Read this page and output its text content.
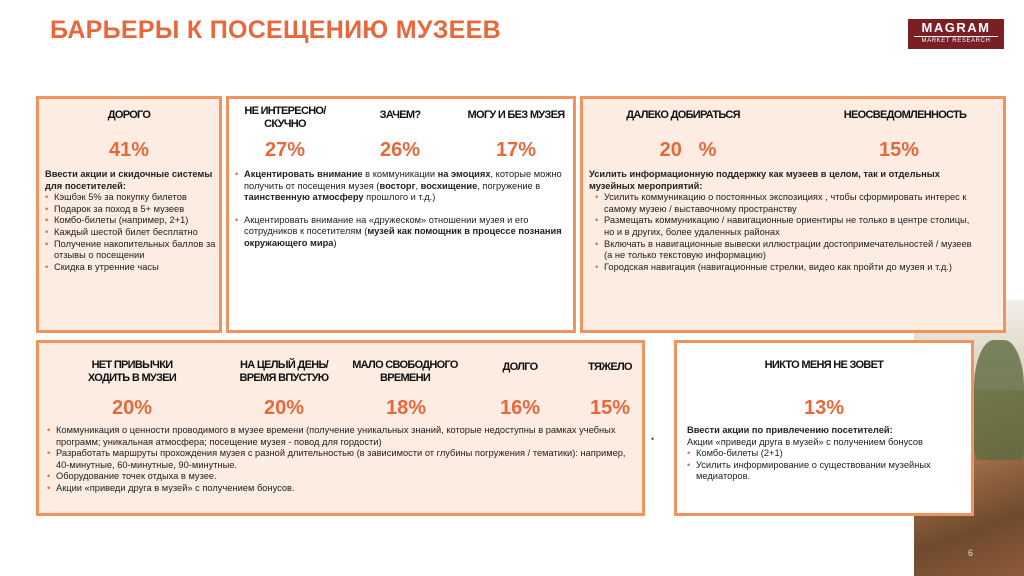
БАРЬЕРЫ К ПОСЕЩЕНИЮ МУЗЕЕВ	MAGRAM
MARKET RESEARCH
ДОРОГО
41%
Ввести акции и скидочные системы для посетителей:
• Кэшбэк 5% за покупку билетов
• Подарок за поход в 5+ музеев
• Комбо-билеты (например, 2+1)
• Каждый шестой билет бесплатно
• Получение накопительных баллов за отзывы о посещении
• Скидка в утренние часы
НЕ ИНТЕРЕСНО/ СКУЧНО
27%
ЗАЧЕМ?
26%
МОГУ И БЕЗ МУЗЕЯ
17%
• Акцентировать внимание в коммуникации на эмоциях, которые можно получить от посещения музея (восторг, восхищение, погружение в таинственную атмосферу прошлого и т.д.)
• Акцентировать внимание на «дружеском» отношении музея и его сотрудников к посетителям (музей как помощник в процессе познания окружающего мира)
ДАЛЕКО ДОБИРАТЬСЯ
20 %
НЕОСВЕДОМЛЕННОСТЬ
15%
Усилить информационную поддержку как музеев в целом, так и отдельных музейных мероприятий:
• Усилить коммуникацию о постоянных экспозициях , чтобы сформировать интерес к самому музею / выставочному пространству
• Размещать коммуникацию / навигационные ориентиры не только в центре столицы, но и в других, более удаленных районах
• Включать в навигационные вывески иллюстрации достопримечательностей / музеев (а не только текстовую информацию)
• Городская навигация (навигационные стрелки, видео как пройти до музея и т.д.)
НЕТ ПРИВЫЧКИ ХОДИТЬ В МУЗЕИ
20%
НА ЦЕЛЫЙ ДЕНЬ/ ВРЕМЯ ВПУСТУЮ
20%
МАЛО СВОБОДНОГО ВРЕМЕНИ
18%
ДОЛГО
16%
ТЯЖЕЛО
15%
• Коммуникация о ценности проводимого в музее времени (получение уникальных знаний, которые недоступны в рамках учебных программ; уникальная атмосфера; посещение музея - повод для гордости)
• Разработать маршруты прохождения музея с разной длительностью (в зависимости от глубины погружения / тематики): например, 40-минутные, 60-минутные, 90-минутные.
• Оборудование точек отдыха в музее.
• Акции «приведи друга в музей» с получением бонусов.
•
НИКТО МЕНЯ НЕ ЗОВЕТ
13%
Ввести акции по привлечению посетителей:
Акции «приведи друга в музей» с получением бонусов
• Комбо-билеты (2+1)
• Усилить информирование о существовании музейных медиаторов.
6
